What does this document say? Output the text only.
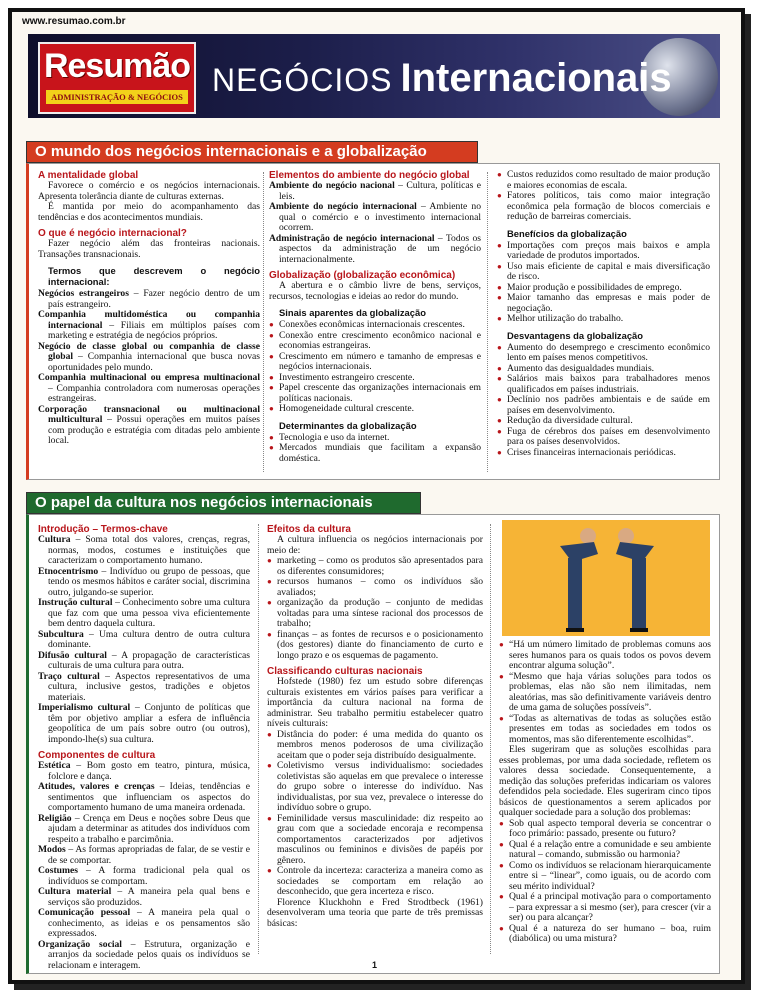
www.resumao.com.br
Resumão
ADMINISTRAÇÃO & NEGÓCIOS NEGÓCIOS Internacionais
O mundo dos negócios internacionais e a globalização
A mentalidade global

Favorece o comércio e os negócios internacionais. Apresenta tolerância diante de culturas externas.

É mantida por meio do acompanhamento das tendências e dos acontecimentos mundiais.

O que é negócio internacional?

Fazer negócio além das fronteiras nacionais. Transações transnacionais.

Termos que descrevem o negócio internacional:

Negócios estrangeiros – Fazer negócio dentro de um país estrangeiro.

Companhia multidoméstica ou companhia internacional – Filiais em múltiplos países com marketing e estratégia de negócios próprios.

Negócio de classe global ou companhia de classe global – Companhia internacional que busca novas oportunidades pelo mundo.

Companhia multinacional ou empresa multinacional – Companhia controladora com numerosas operações estrangeiras.

Corporação transnacional ou multinacional multicultural – Possui operações em muitos países com produção e estratégia com ditadas pelo ambiente local.

Elementos do ambiente do negócio global

Ambiente do negócio nacional – Cultura, políticas e leis.

Ambiente do negócio internacional – Ambiente no qual o comércio e o investimento internacional ocorrem.

Administração de negócio internacional – Todos os aspectos da administração de um negócio internacionalmente.

Globalização (globalização econômica)

A abertura e o câmbio livre de bens, serviços, recursos, tecnologias e ideias ao redor do mundo.

Sinais aparentes da globalização
● Conexões econômicas internacionais crescentes.
● Conexão entre crescimento econômico nacional e economias estrangeiras.
● Crescimento em número e tamanho de empresas e negócios internacionais.
● Investimento estrangeiro crescente.
● Papel crescente das organizações internacionais em políticas nacionais.
● Homogeneidade cultural crescente.
Determinantes da globalização
● Tecnologia e uso da internet.
● Mercados mundiais que facilitam a expansão doméstica.
● Custos reduzidos como resultado de maior produção e maiores economias de escala.
● Fatores políticos, tais como maior integração econômica pela formação de blocos comerciais e redução de barreiras comerciais.
Benefícios da globalização
● Importações com preços mais baixos e ampla variedade de produtos importados.
● Uso mais eficiente de capital e mais diversificação de risco.
● Maior produção e possibilidades de emprego.
● Maior tamanho das empresas e mais poder de negociação.
● Melhor utilização do trabalho.
Desvantagens da globalização
● Aumento do desemprego e crescimento econômico lento em países menos competitivos.
● Aumento das desigualdades mundiais.
● Salários mais baixos para trabalhadores menos qualificados em países industriais.
● Declínio nos padrões ambientais e de saúde em países em desenvolvimento.
● Redução da diversidade cultural.
● Fuga de cérebros dos países em desenvolvimento para os países desenvolvidos.
● Crises financeiras internacionais periódicas.
O papel da cultura nos negócios internacionais
Introdução – Termos-chave

Cultura – Soma total dos valores, crenças, regras, normas, modos, costumes e instituições que caracterizam o comportamento humano.

Etnocentrismo – Indivíduo ou grupo de pessoas, que tendo os mesmos hábitos e caráter social, discrimina outro, julgando-se superior.

Instrução cultural – Conhecimento sobre uma cultura que faz com que uma pessoa viva eficientemente bem dentro daquela cultura.

Subcultura – Uma cultura dentro de outra cultura dominante.

Difusão cultural – A propagação de características culturais de uma cultura para outra.

Traço cultural – Aspectos representativos de uma cultura, inclusive gestos, tradições e objetos materiais.

Imperialismo cultural – Conjunto de políticas que têm por objetivo ampliar a esfera de influência geopolítica de um país sobre outro (ou outros), impondo-lhe(s) sua cultura.

Componentes de cultura

Estética – Bom gosto em teatro, pintura, música, folclore e dança.

Atitudes, valores e crenças – Ideias, tendências e sentimentos que influenciam os aspectos do comportamento humano de uma maneira ordenada.

Religião – Crença em Deus e noções sobre Deus que ajudam a determinar as atitudes dos indivíduos com respeito a trabalho e parcimônia.

Modos – As formas apropriadas de falar, de se vestir e de se comportar.

Costumes – A forma tradicional pela qual os indivíduos se comportam.

Cultura material – A maneira pela qual bens e serviços são produzidos.

Comunicação pessoal – A maneira pela qual o conhecimento, as ideias e os pensamentos são expressados.

Organização social – Estrutura, organização e arranjos da sociedade pelos quais os indivíduos se relacionam e interagem.

Efeitos da cultura

A cultura influencia os negócios internacionais por meio de:

● marketing – como os produtos são apresentados para os diferentes consumidores;
● recursos humanos – como os indivíduos são avaliados;
● organização da produção – conjunto de medidas voltadas para uma síntese racional dos processos de trabalho;
● finanças – as fontes de recursos e o posicionamento (dos gestores) diante do financiamento de curto e longo prazo e os esquemas de pagamento.
Classificando culturas nacionais

Hofstede (1980) fez um estudo sobre diferenças culturais existentes em vários países para verificar a importância da cultura nacional na forma de administrar. Seu trabalho permitiu estabelecer quatro níveis culturais:

● Distância do poder: é uma medida do quanto os membros menos poderosos de uma civilização aceitam que o poder seja distribuído desigualmente.
● Coletivismo versus individualismo: sociedades coletivistas são aquelas em que prevalece o interesse do grupo sobre o interesse do indivíduo. Nas individualistas, por sua vez, prevalece o interesse do indivíduo sobre o grupo.
● Feminilidade versus masculinidade: diz respeito ao grau com que a sociedade encoraja e recompensa comportamentos caracterizados por adjetivos masculinos ou femininos e divisões de papéis por gênero.
● Controle da incerteza: caracteriza a maneira como as sociedades se comportam em relação ao desconhecido, que gera incerteza e risco.

Florence Kluckhohn e Fred Strodtbeck (1961) desenvolveram uma teoria que parte de três premissas básicas:

● “Há um número limitado de problemas comuns aos seres humanos para os quais todos os povos devem encontrar alguma solução”.
● “Mesmo que haja várias soluções para todos os problemas, elas não são nem ilimitadas, nem aleatórias, mas são definitivamente variáveis dentro de uma gama de soluções possíveis”.
● “Todas as alternativas de todas as soluções estão presentes em todas as sociedades em todos os momentos, mas são diferentemente escolhidas”.

Eles sugeriram que as soluções escolhidas para esses problemas, por uma dada sociedade, refletem os valores dessa sociedade. Consequentemente, a medição das soluções preferidas indicariam os valores defendidos pela sociedade. Eles sugeriram cinco tipos básicos de questionamentos a serem aplicados por qualquer sociedade para a solução dos problemas:

● Sob qual aspecto temporal deveria se concentrar o foco primário: passado, presente ou futuro?
● Qual é a relação entre a comunidade e seu ambiente natural – comando, submissão ou harmonia?
● Como os indivíduos se relacionam hierarquicamente entre si – “linear”, como iguais, ou de acordo com seu mérito individual?
● Qual é a principal motivação para o comportamento – para expressar a si mesmo (ser), para crescer (vir a ser) ou para alcançar?
● Qual é a natureza do ser humano – boa, ruim (diabólica) ou uma mistura?
1
